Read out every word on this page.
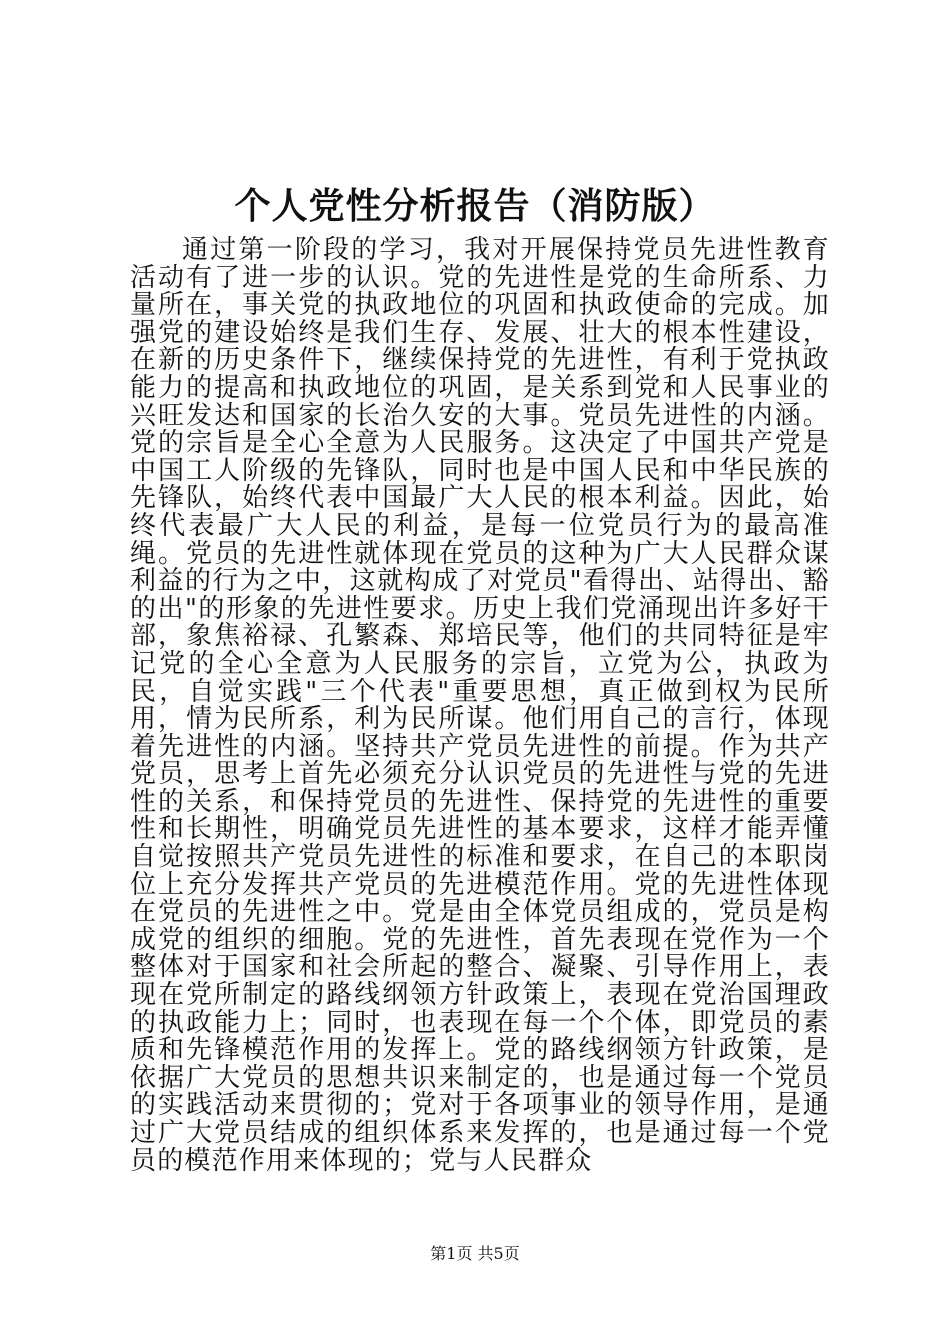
个人党性分析报告（消防版）

通过第一阶段的学习，我对开展保持党员先进性教育活动有了进一步的认识。党的先进性是党的生命所系、力量所在，事关党的执政地位的巩固和执政使命的完成。加强党的建设始终是我们生存、发展、壮大的根本性建设，在新的历史条件下，继续保持党的先进性，有利于党执政能力的提高和执政地位的巩固，是关系到党和人民事业的兴旺发达和国家的长治久安的大事。党员先进性的内涵。党的宗旨是全心全意为人民服务。这决定了中国共产党是中国工人阶级的先锋队，同时也是中国人民和中华民族的先锋队，始终代表中国最广大人民的根本利益。因此，始终代表最广大人民的利益，是每一位党员行为的最高准绳。党员的先进性就体现在党员的这种为广大人民群众谋利益的行为之中，这就构成了对党员"看得出、站得出、豁的出"的形象的先进性要求。历史上我们党涌现出许多好干部，象焦裕禄、孔繁森、郑培民等，他们的共同特征是牢记党的全心全意为人民服务的宗旨，立党为公，执政为民，自觉实践"三个代表"重要思想，真正做到权为民所用，情为民所系，利为民所谋。他们用自己的言行，体现着先进性的内涵。坚持共产党员先进性的前提。作为共产党员，思考上首先必须充分认识党员的先进性与党的先进性的关系，和保持党员的先进性、保持党的先进性的重要性和长期性，明确党员先进性的基本要求，这样才能弄懂自觉按照共产党员先进性的标准和要求，在自己的本职岗位上充分发挥共产党员的先进模范作用。党的先进性体现在党员的先进性之中。党是由全体党员组成的，党员是构成党的组织的细胞。党的先进性，首先表现在党作为一个整体对于国家和社会所起的整合、凝聚、引导作用上，表现在党所制定的路线纲领方针政策上，表现在党治国理政的执政能力上；同时，也表现在每一个个体，即党员的素质和先锋模范作用的发挥上。党的路线纲领方针政策，是依据广大党员的思想共识来制定的，也是通过每一个党员的实践活动来贯彻的；党对于各项事业的领导作用，是通过广大党员结成的组织体系来发挥的，也是通过每一个党员的模范作用来体现的；党与人民群众

第1页 共5页
